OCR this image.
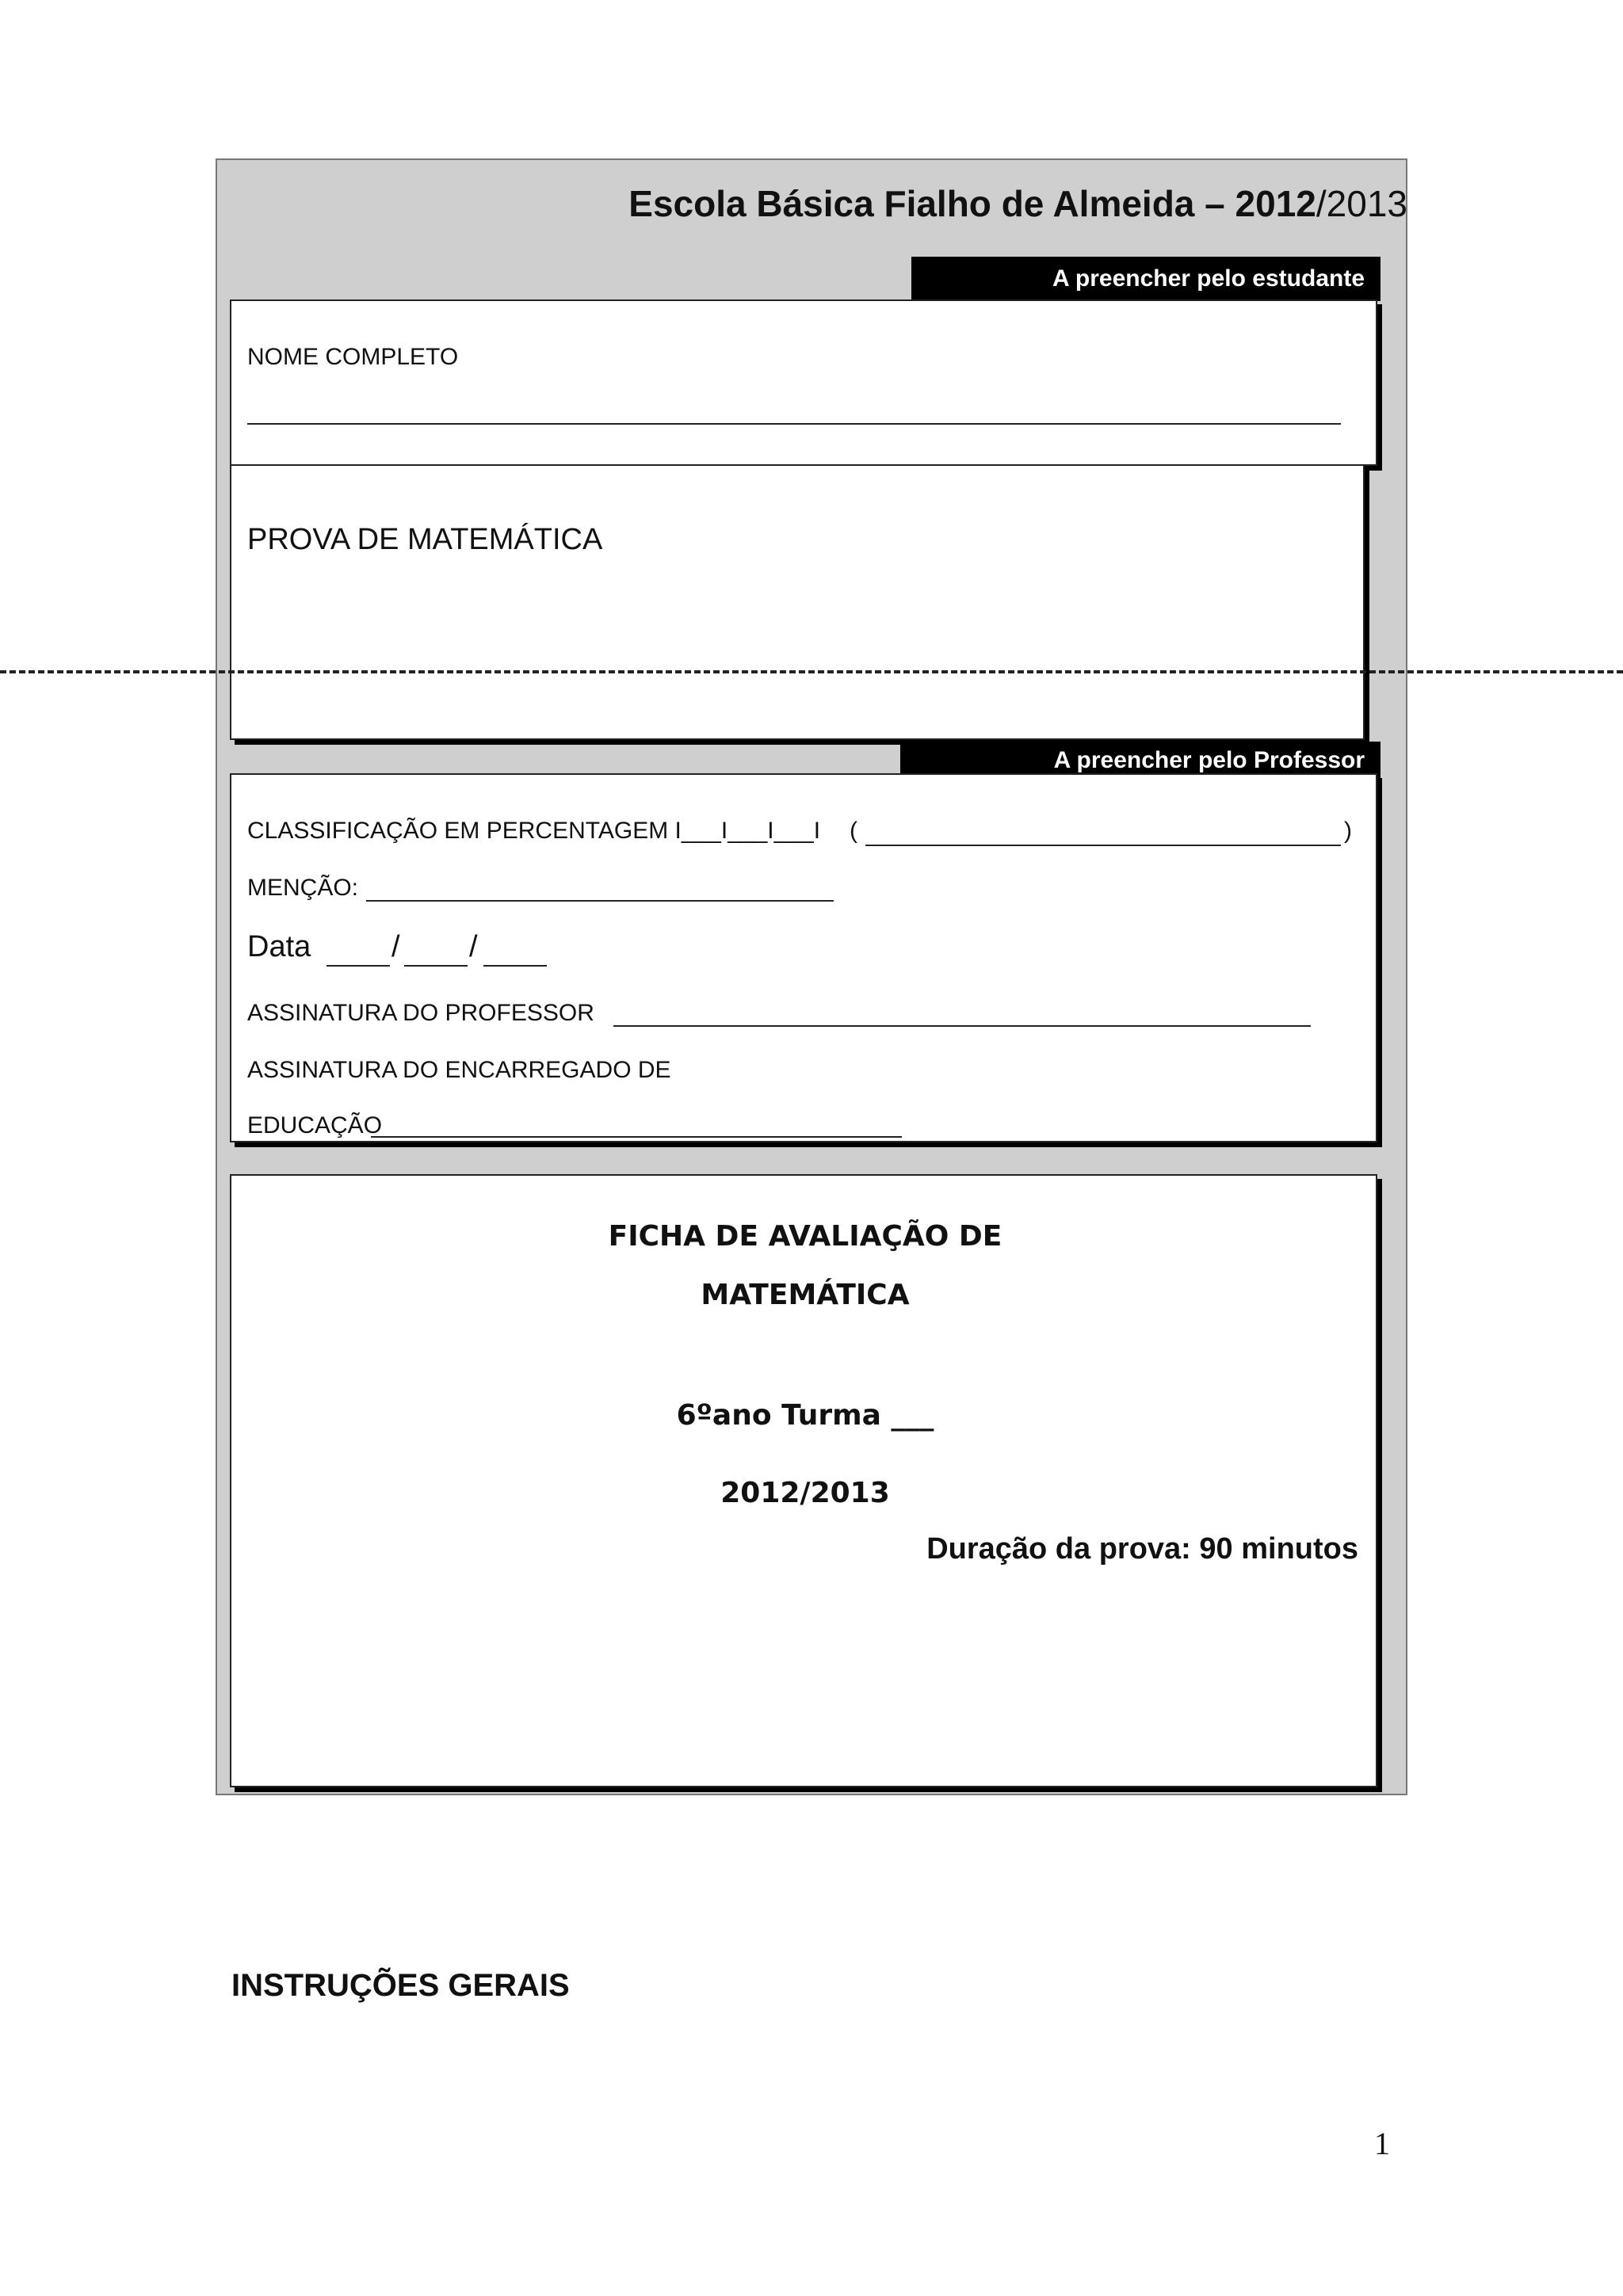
Escola Básica Fialho de Almeida – 2012/2013
A preencher pelo estudante
NOME COMPLETO
PROVA DE MATEMÁTICA
A preencher pelo Professor
CLASSIFICAÇÃO EM PERCENTAGEM I___I___I___I (	)
MENÇÃO:
Data	/ /
ASSINATURA DO PROFESSOR
ASSINATURA DO ENCARREGADO DE
EDUCAÇÃO
FICHA DE AVALIAÇÃO DE
MATEMÁTICA
6ºano Turma ___
2012/2013
Duração da prova: 90 minutos
INSTRUÇÕES GERAIS
1
